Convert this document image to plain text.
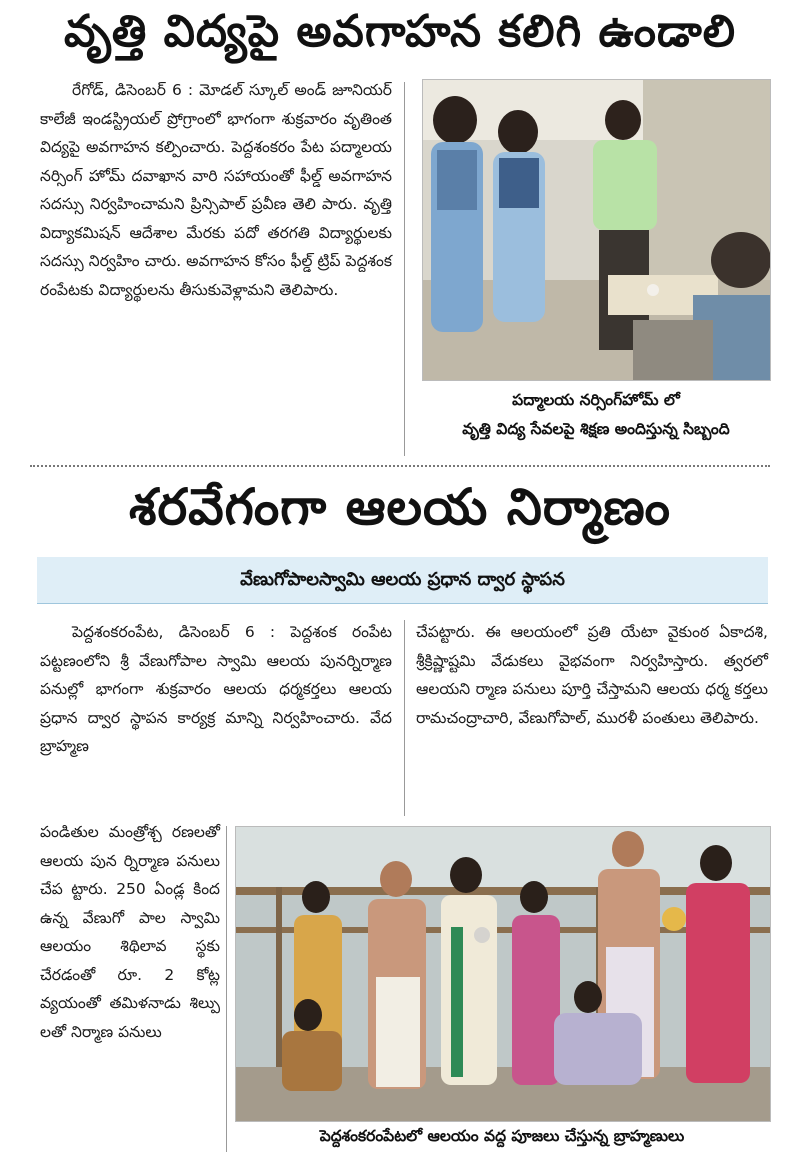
వృత్తి విద్యపై అవగాహన కలిగి ఉండాలి

రేగోడ్, డిసెంబర్ 6 : మోడల్ స్కూల్ అండ్ జూనియర్ కాలేజీ ఇండస్ట్రియల్ ప్రోగ్రాంలో భాగంగా శుక్రవారం వృతింత విద్యపై అవగాహన కల్పించారు. పెద్దశంకరం పేట పద్మాలయ నర్సింగ్ హోమ్ దవాఖాన వారి సహాయంతో ఫీల్డ్ అవగాహన సదస్సు నిర్వహించామని ప్రిన్సిపాల్ ప్రవీణ తెలి పారు. వృత్తి విద్యాకమిషన్ ఆదేశాల మేరకు పదో తరగతి విద్యార్థులకు సదస్సు నిర్వహిం చారు. అవగాహన కోసం ఫీల్డ్ ట్రిప్ పెద్దశంక రంపేటకు విద్యార్థులను తీసుకువెళ్లామని తెలిపారు.

పద్మాలయ నర్సింగ్‌హోమ్ లో
వృత్తి విద్య సేవలపై శిక్షణ అందిస్తున్న సిబ్బంది
శరవేగంగా ఆలయ నిర్మాణం
వేణుగోపాలస్వామి ఆలయ ప్రధాన ద్వార స్థాపన

పెద్దశంకరంపేట, డిసెంబర్ 6 : పెద్దశంక రంపేట పట్టణంలోని శ్రీ వేణుగోపాల స్వామి ఆలయ పునర్నిర్మాణ పనుల్లో భాగంగా శుక్రవారం ఆలయ ధర్మకర్తలు ఆలయ ప్రధాన ద్వార స్థాపన కార్యక్ర మాన్ని నిర్వహించారు. వేద బ్రాహ్మణ

చేపట్టారు. ఈ ఆలయంలో ప్రతి యేటా వైకుంఠ ఏకాదశి, శ్రీక్రిష్ణాష్టమి వేడుకలు వైభవంగా నిర్వహిస్తారు. త్వరలో ఆలయని ర్మాణ పనులు పూర్తి చేస్తామని ఆలయ ధర్మ కర్తలు రామచంద్రాచారి, వేణుగోపాల్, మురళీ పంతులు తెలిపారు.

పండితుల మంత్రోశ్చ రణలతో ఆలయ పున ర్నిర్మాణ పనులు చేప ట్టారు. 250 ఏండ్ల కింద ఉన్న వేణుగో పాల స్వామి ఆలయం శిథిలావ స్థకు చేరడంతో రూ. 2 కోట్ల వ్యయంతో తమిళనాడు శిల్పు లతో నిర్మాణ పనులు

పెద్దశంకరంపేటలో ఆలయం వద్ద పూజలు చేస్తున్న బ్రాహ్మణులు
